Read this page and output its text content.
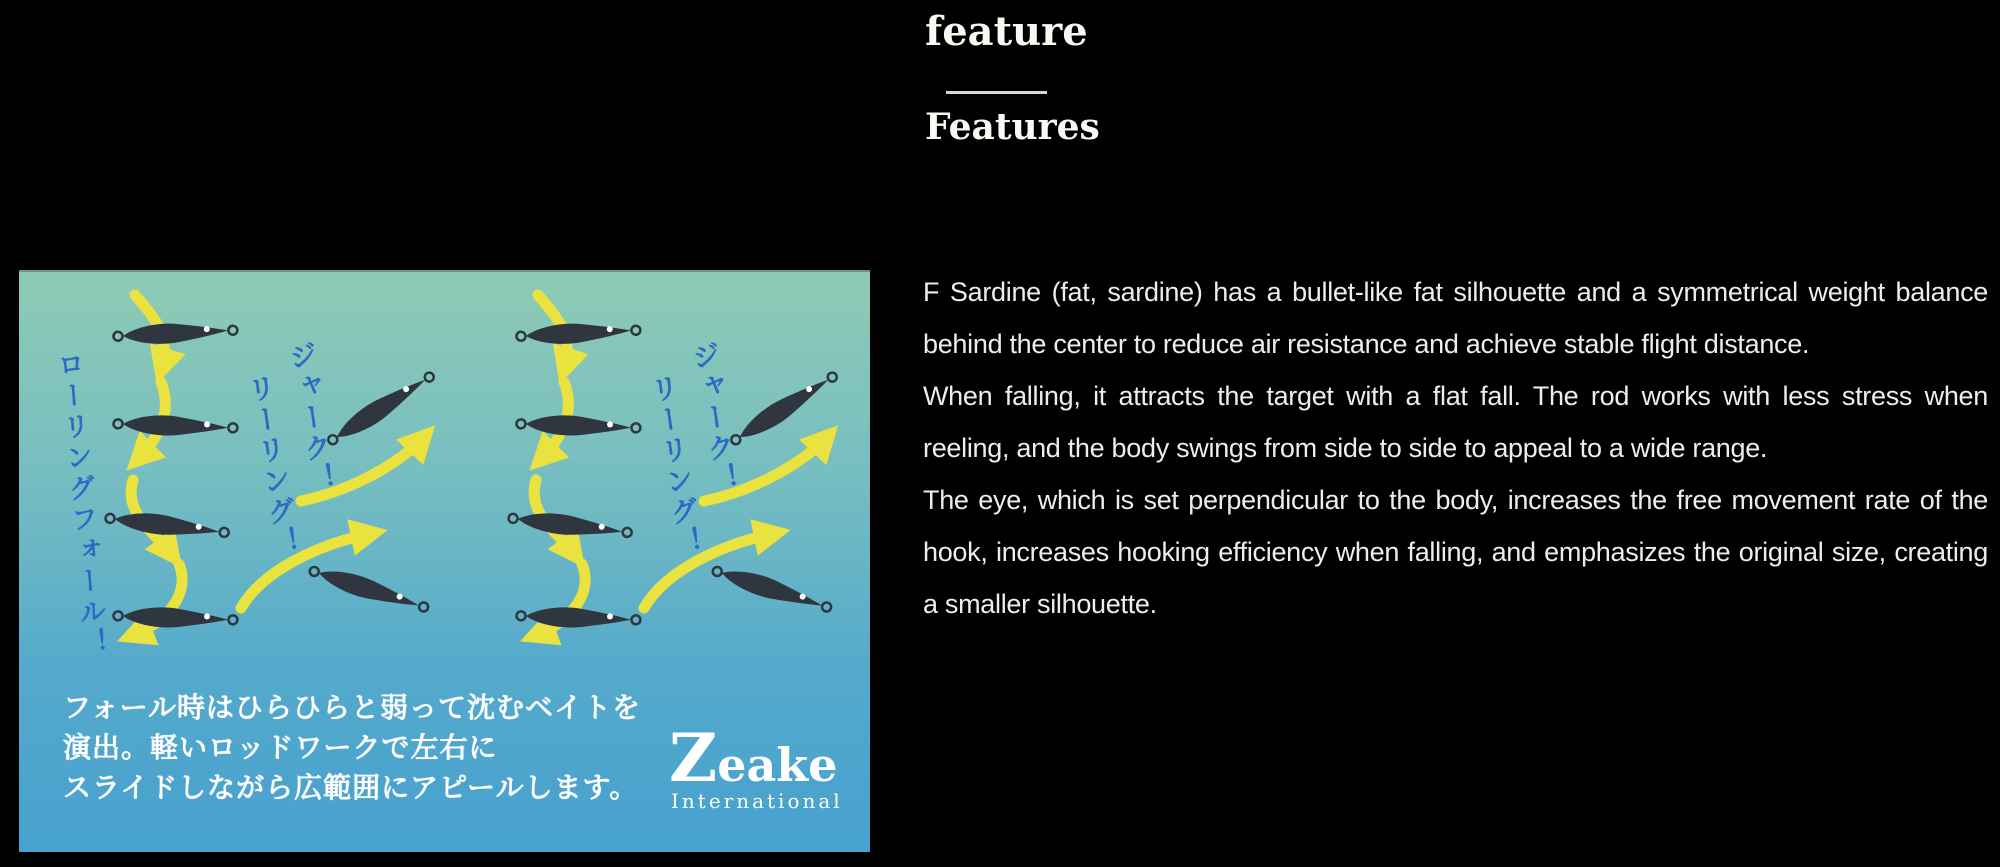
ローリングフォール！	ジャーク！
リーリング！	ジャーク！
リーリング！
フォール時はひらひらと弱って沈むベイトを
演出。軽いロッドワークで左右に
スライドしながら広範囲にアピールします。 Zeake
International
feature
Features

F Sardine (fat, sardine) has a bullet-like fat silhouette and a symmetrical weight balance behind the center to reduce air resistance and achieve stable flight distance.

When falling, it attracts the target with a flat fall. The rod works with less stress when reeling, and the body swings from side to side to appeal to a wide range.

The eye, which is set perpendicular to the body, increases the free movement rate of the hook, increases hooking efficiency when falling, and emphasizes the original size, creating a smaller silhouette.
